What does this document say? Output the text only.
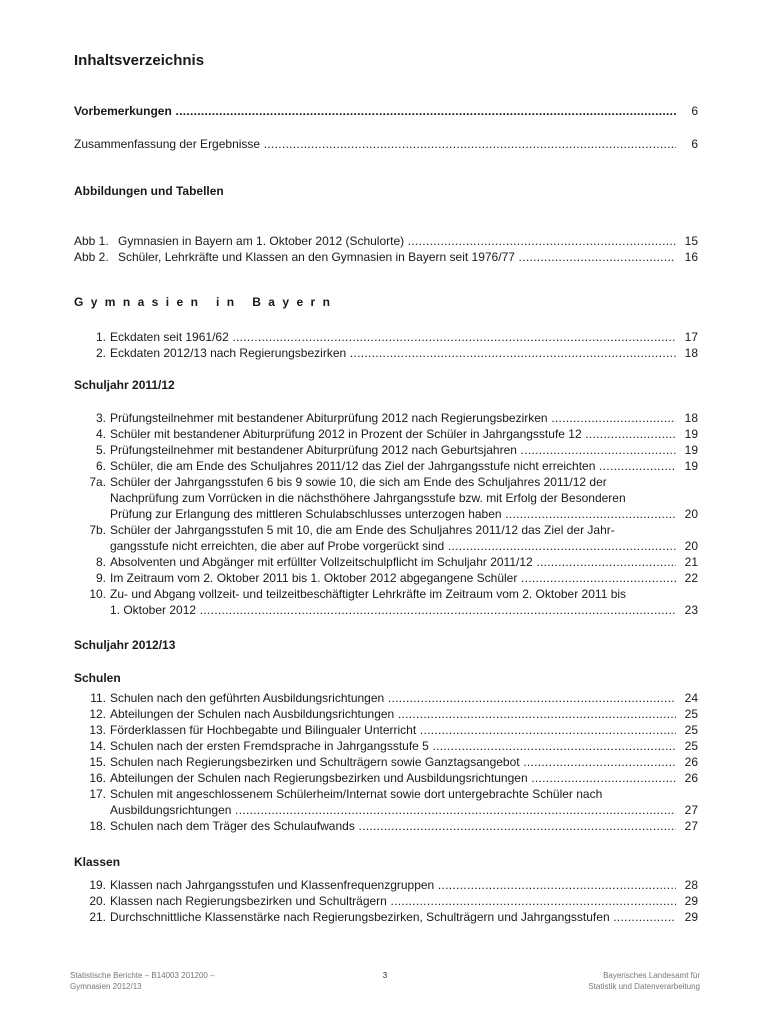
Inhaltsverzeichnis
Vorbemerkungen .....	6
Zusammenfassung der Ergebnisse .....	6
Abbildungen und Tabellen
Abb 1. Gymnasien in Bayern am 1. Oktober 2012 (Schulorte) .....	15
Abb 2. Schüler, Lehrkräfte und Klassen an den Gymnasien in Bayern seit 1976/77 .....	16
Gymnasien in Bayern
1. Eckdaten seit 1961/62 .....	17
2. Eckdaten 2012/13 nach Regierungsbezirken .....	18
Schuljahr 2011/12
3. Prüfungsteilnehmer mit bestandener Abiturprüfung 2012 nach Regierungsbezirken .....	18
4. Schüler mit bestandener Abiturprüfung 2012 in Prozent der Schüler in Jahrgangsstufe 12 .....	19
5. Prüfungsteilnehmer mit bestandener Abiturprüfung 2012 nach Geburtsjahren .....	19
6. Schüler, die am Ende des Schuljahres 2011/12 das Ziel der Jahrgangsstufe nicht erreichten .....	19
7a. Schüler der Jahrgangsstufen 6 bis 9 sowie 10, die sich am Ende des Schuljahres 2011/12 der
Nachprüfung zum Vorrücken in die nächsthöhere Jahrgangsstufe bzw. mit Erfolg der Besonderen
Prüfung zur Erlangung des mittleren Schulabschlusses unterzogen haben .....	20
7b. Schüler der Jahrgangsstufen 5 mit 10, die am Ende des Schuljahres 2011/12 das Ziel der Jahr-
gangsstufe nicht erreichten, die aber auf Probe vorgerückt sind .....	20
8. Absolventen und Abgänger mit erfüllter Vollzeitschulpflicht im Schuljahr 2011/12 .....	21
9. Im Zeitraum vom 2. Oktober 2011 bis 1. Oktober 2012 abgegangene Schüler .....	22
10. Zu- und Abgang vollzeit- und teilzeitbeschäftigter Lehrkräfte im Zeitraum vom 2. Oktober 2011 bis
1. Oktober 2012 .....	23
Schuljahr 2012/13
Schulen
11. Schulen nach den geführten Ausbildungsrichtungen .....	24
12. Abteilungen der Schulen nach Ausbildungsrichtungen .....	25
13. Förderklassen für Hochbegabte und Bilingualer Unterricht .....	25
14. Schulen nach der ersten Fremdsprache in Jahrgangsstufe 5 .....	25
15. Schulen nach Regierungsbezirken und Schulträgern sowie Ganztagsangebot .....	26
16. Abteilungen der Schulen nach Regierungsbezirken und Ausbildungsrichtungen .....	26
17. Schulen mit angeschlossenem Schülerheim/Internat sowie dort untergebrachte Schüler nach
Ausbildungsrichtungen .....	27
18. Schulen nach dem Träger des Schulaufwands .....	27
Klassen
19. Klassen nach Jahrgangsstufen und Klassenfrequenzgruppen .....	28
20. Klassen nach Regierungsbezirken und Schulträgern .....	29
21. Durchschnittliche Klassenstärke nach Regierungsbezirken, Schulträgern und Jahrgangsstufen .....	29
Statistische Berichte – B14003 201200 –
Gymnasien 2012/13
3	Bayerisches Landesamt für
Statistik und Datenverarbeitung
